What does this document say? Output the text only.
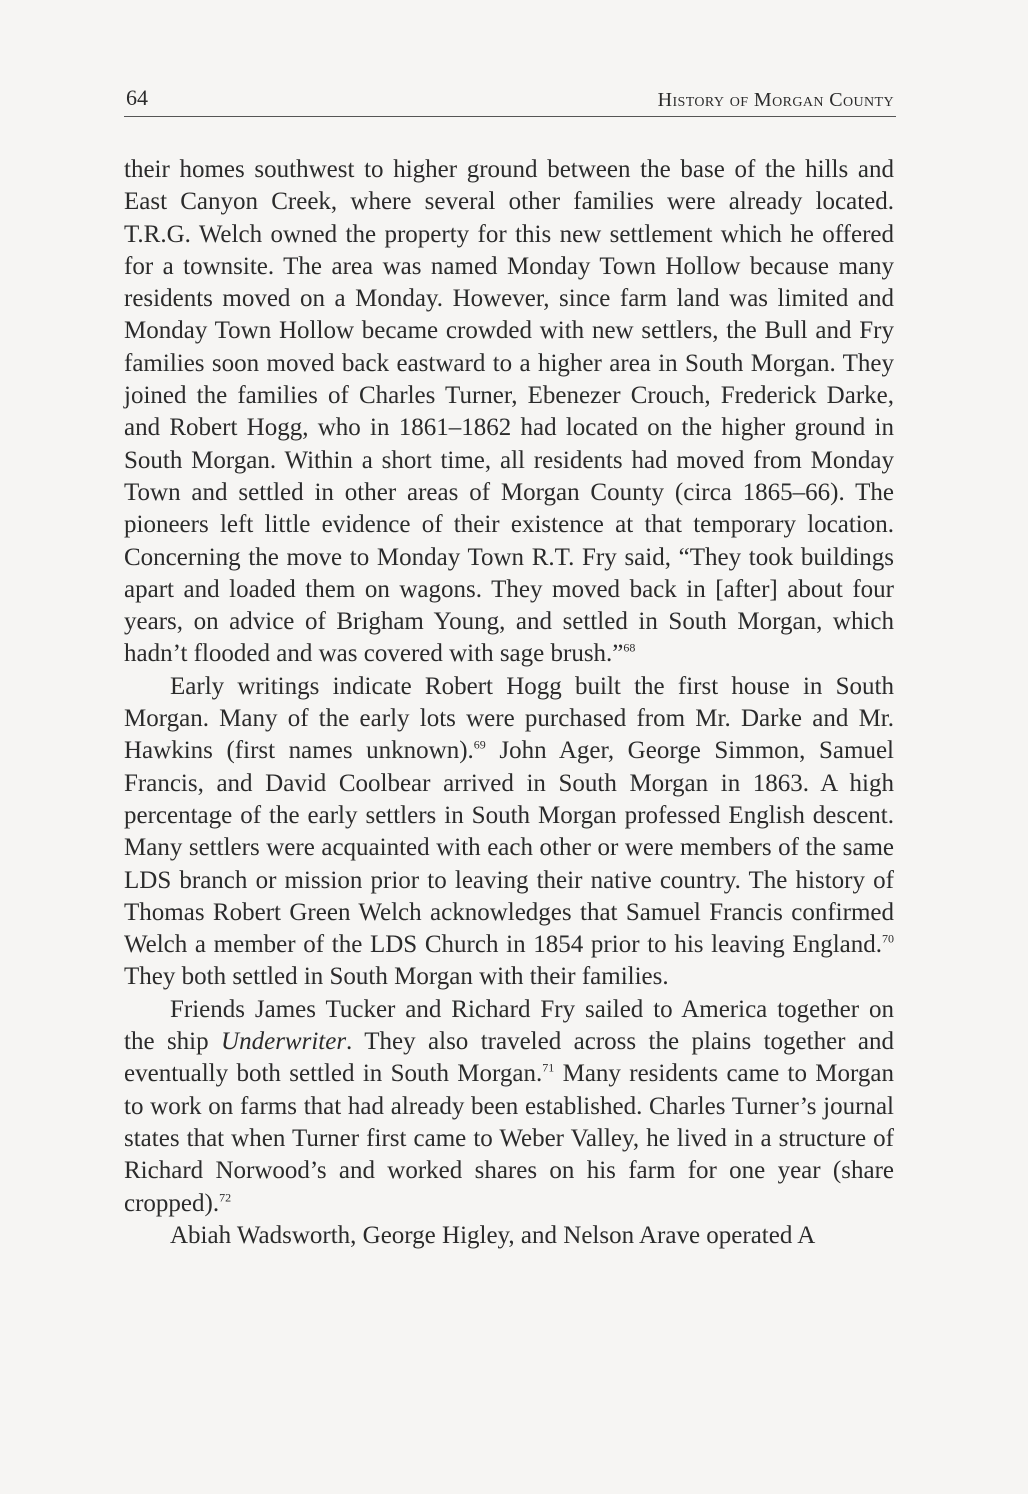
64	History of Morgan County

their homes southwest to higher ground between the base of the hills and East Canyon Creek, where several other families were already located. T.R.G. Welch owned the property for this new settlement which he offered for a townsite. The area was named Monday Town Hollow because many residents moved on a Monday. However, since farm land was limited and Monday Town Hollow became crowded with new settlers, the Bull and Fry families soon moved back eastward to a higher area in South Morgan. They joined the families of Charles Turner, Ebenezer Crouch, Frederick Darke, and Robert Hogg, who in 1861–1862 had located on the higher ground in South Morgan. Within a short time, all residents had moved from Monday Town and settled in other areas of Morgan County (circa 1865–66). The pioneers left little evidence of their existence at that temporary location. Concerning the move to Monday Town R.T. Fry said, “They took buildings apart and loaded them on wagons. They moved back in [after] about four years, on advice of Brigham Young, and settled in South Morgan, which hadn’t flooded and was covered with sage brush.”$^{68}$

Early writings indicate Robert Hogg built the first house in South Morgan. Many of the early lots were purchased from Mr. Darke and Mr. Hawkins (first names unknown).$^{69}$ John Ager, George Simmon, Samuel Francis, and David Coolbear arrived in South Morgan in 1863. A high percentage of the early settlers in South Morgan professed English descent. Many settlers were acquainted with each other or were members of the same LDS branch or mission prior to leaving their native country. The history of Thomas Robert Green Welch acknowledges that Samuel Francis confirmed Welch a member of the LDS Church in 1854 prior to his leaving England.$^{70}$ They both settled in South Morgan with their families.

Friends James Tucker and Richard Fry sailed to America together on the ship Underwriter. They also traveled across the plains together and eventually both settled in South Morgan.$^{71}$ Many residents came to Morgan to work on farms that had already been established. Charles Turner’s journal states that when Turner first came to Weber Valley, he lived in a structure of Richard Norwood’s and worked shares on his farm for one year (share cropped).$^{72}$

Abiah Wadsworth, George Higley, and Nelson Arave operated A
